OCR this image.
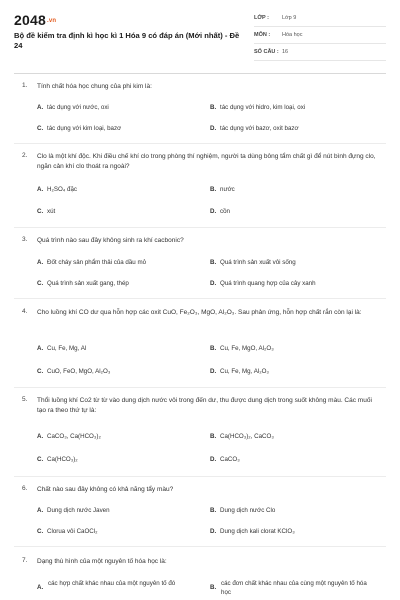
2048.vn
Bộ đề kiểm tra định kì học kì 1 Hóa 9 có đáp án (Mới nhất) - Đề 24
LỚP : Lớp 9
MÔN : Hóa học
SỐ CÂU : 16
1. Tính chất hóa học chung của phi kim là:
A. tác dụng với nước, oxi	B. tác dụng với hidro, kim loại, oxi
C. tác dụng với kim loại, bazơ	D. tác dụng với bazơ, oxit bazơ
2. Clo là một khí độc. Khi điều chế khí clo trong phòng thí nghiệm, người ta dùng bông tẩm chất gì để nút bình đựng clo, ngăn cản khí clo thoát ra ngoài?
A. H₂SO₄ đặc	B. nước
C. xút	D. cồn
3. Quá trình nào sau đây không sinh ra khí cacbonic?
A. Đốt cháy sản phẩm thải của dầu mỏ	B. Quá trình sản xuất vôi sống
C. Quá trình sản xuất gang, thép	D. Quá trình quang hợp của cây xanh
4. Cho luồng khí CO dư qua hỗn hợp các oxit CuO, Fe₂O₃, MgO, Al₂O₃. Sau phản ứng, hỗn hợp chất rắn còn lại là:
A. Cu, Fe, Mg, Al	B. Cu, Fe, MgO, Al₂O₃
C. CuO, FeO, MgO, Al₂O₃	D. Cu, Fe, Mg, Al₂O₃
5. Thổi luồng khí Co2 từ từ vào dung dịch nước vôi trong đến dư, thu được dung dịch trong suốt không màu. Các muối tạo ra theo thứ tự là:
A. CaCO₃, Ca(HCO₃)₂	B. Ca(HCO₃)₂, CaCO₃
C. Ca(HCO₃)₂	D. CaCO₃
6. Chất nào sau đây không có khả năng tẩy màu?
A. Dung dịch nước Javen	B. Dung dịch nước Clo
C. Clorua vôi CaOCl₂	D. Dung dịch kali clorat KClO₃
7. Dạng thù hình của một nguyên tố hóa học là:
A.
các hợp chất khác nhau của một nguyên tố đó
B.
các đơn chất khác nhau của cùng một nguyên tố hóa học
